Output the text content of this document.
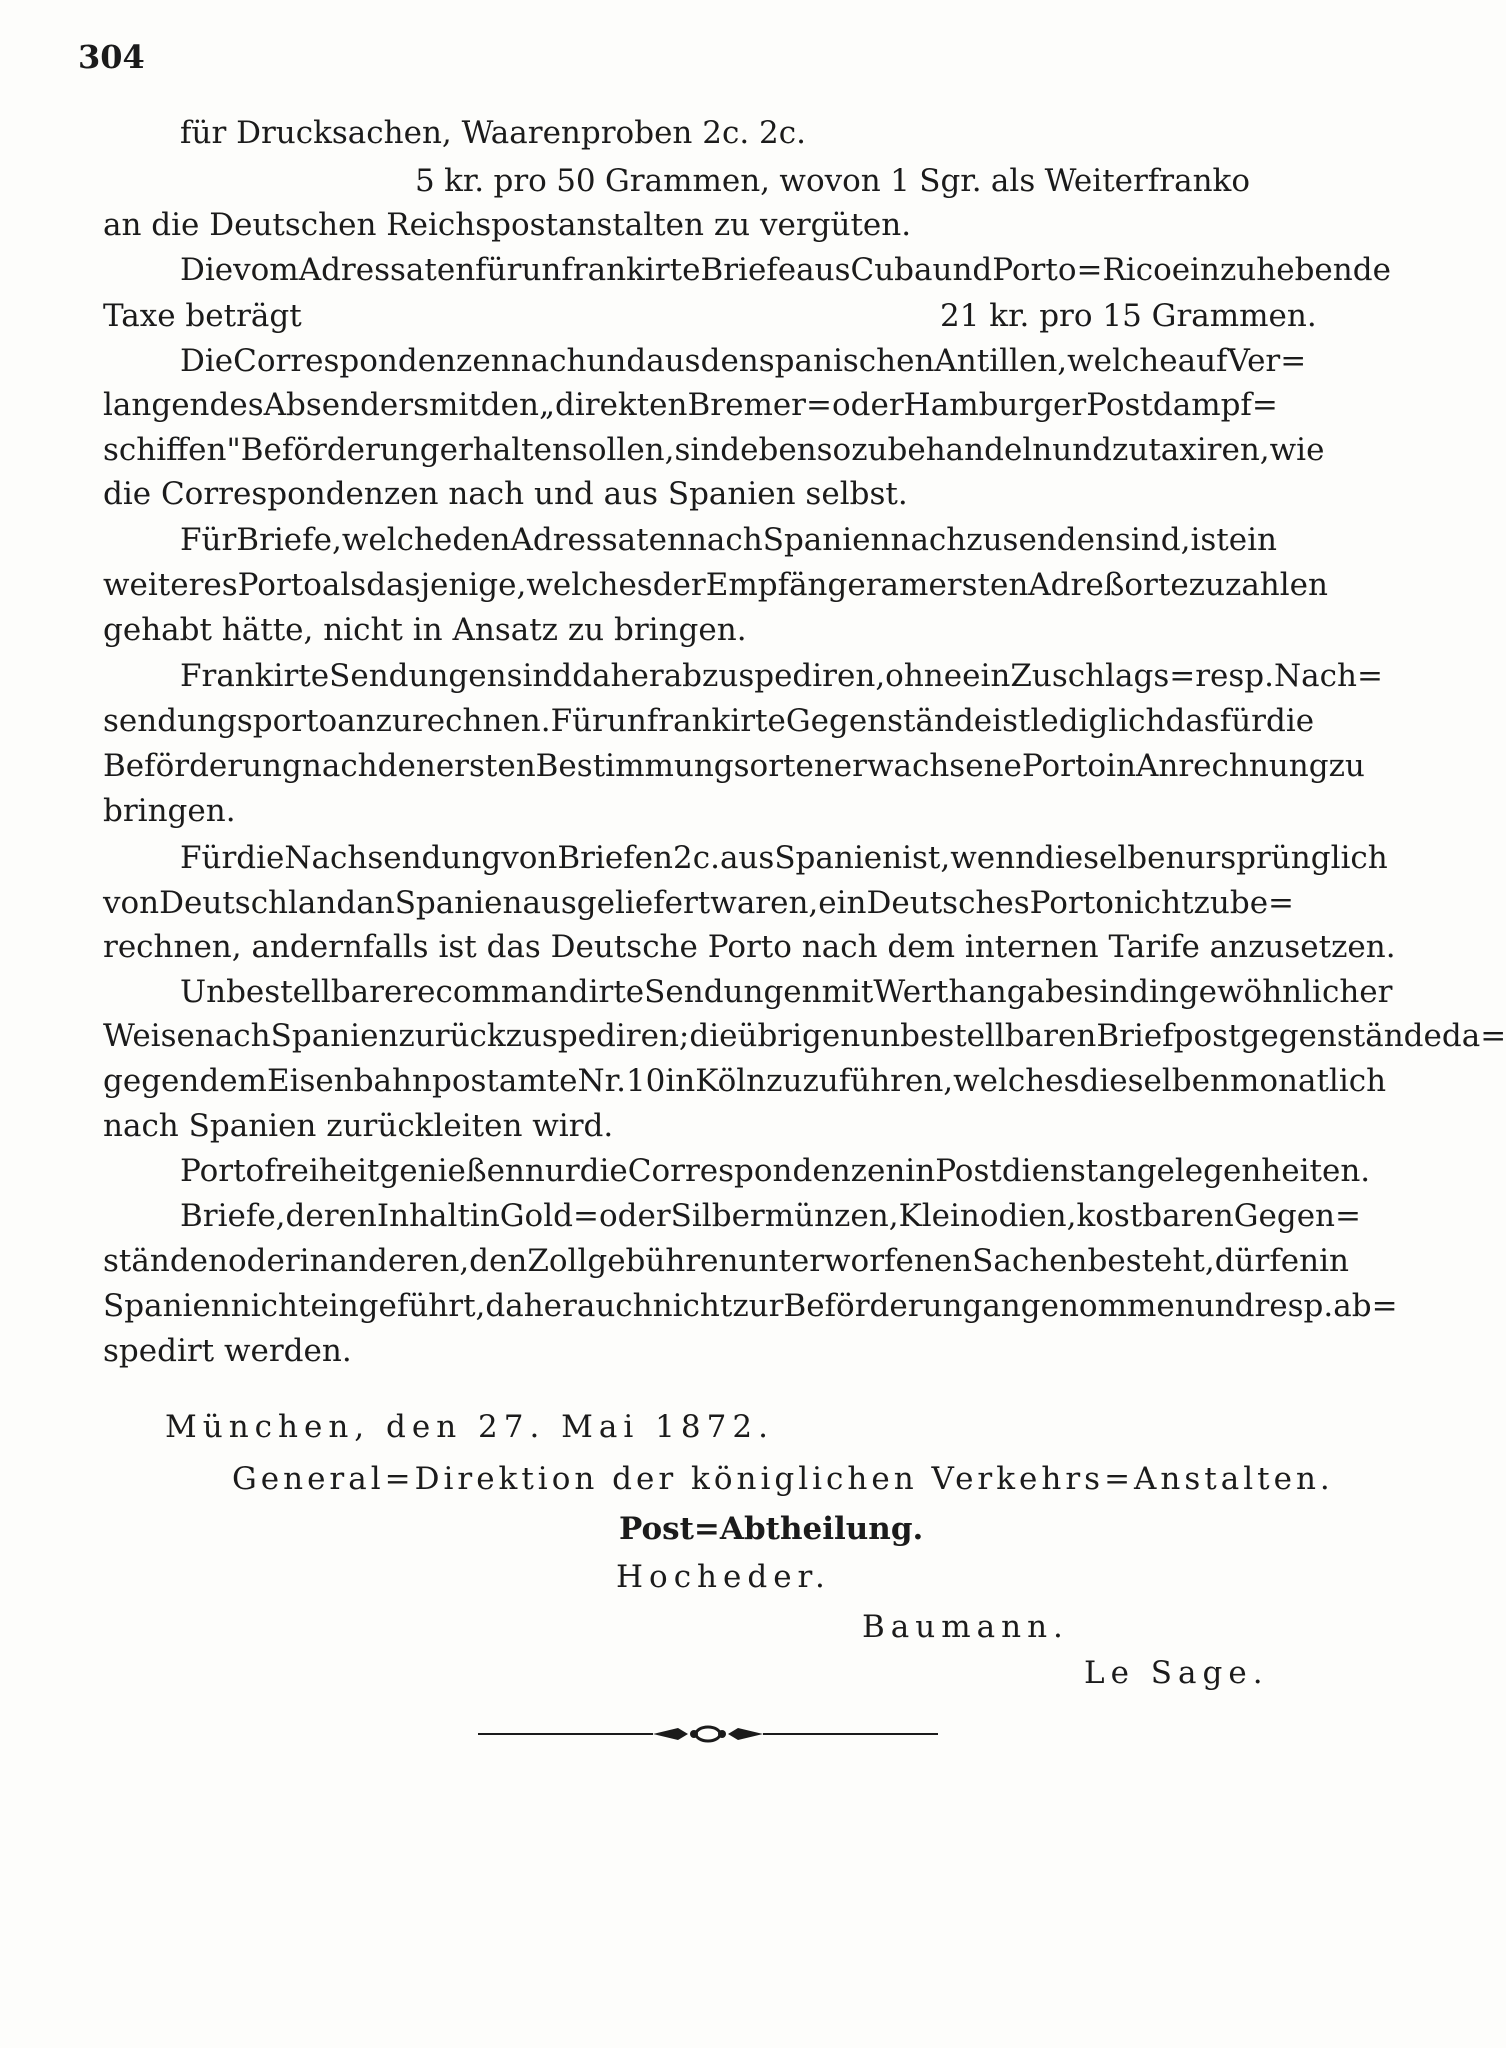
304
für Drucksachen, Waarenproben 2c. 2c.
5 kr. pro 50 Grammen, wovon 1 Sgr. als Weiterfranko
an die Deutschen Reichspostanstalten zu vergüten.
Die vom Adressaten für unfrankirte Briefe aus Cuba und Porto=Rico einzuhebende
Taxe beträgt	21 kr. pro 15 Grammen.
Die Correspondenzen nach und aus den spanischen Antillen, welche auf Ver=
langen des Absenders mit den „direkten Bremer= oder Hamburger Postdampf=
schiffen" Beförderung erhalten sollen, sind ebenso zu behandeln und zu taxiren, wie
die Correspondenzen nach und aus Spanien selbst.
Für Briefe, welche den Adressaten nach Spanien nachzusenden sind, ist ein
weiteres Porto als dasjenige, welches der Empfänger am ersten Adreßorte zu zahlen
gehabt hätte, nicht in Ansatz zu bringen.
Frankirte Sendungen sind daher abzuspediren, ohne ein Zuschlags= resp. Nach=
sendungsporto anzurechnen. Für unfrankirte Gegenstände ist lediglich das für die
Beförderung nach den ersten Bestimmungsorten erwachsene Porto in Anrechnung zu
bringen.
Für die Nachsendung von Briefen 2c. aus Spanien ist, wenn dieselben ursprünglich
von Deutschland an Spanien ausgeliefert waren, ein Deutsches Porto nicht zu be=
rechnen, andernfalls ist das Deutsche Porto nach dem internen Tarife anzusetzen.
Unbestellbare recommandirte Sendungen mit Werthangabe sind in gewöhnlicher
Weise nach Spanien zurückzuspediren; die übrigen unbestellbaren Briefpostgegenstände da=
gegen dem Eisenbahnpostamte Nr. 10 in Köln zuzuführen, welches dieselben monatlich
nach Spanien zurückleiten wird.
Portofreiheit genießen nur die Correspondenzen in Postdienstangelegenheiten.
Briefe, deren Inhalt in Gold= oder Silbermünzen, Kleinodien, kostbaren Gegen=
ständen oder in anderen, den Zollgebühren unterworfenen Sachen besteht, dürfen in
Spanien nicht eingeführt, daher auch nicht zur Beförderung angenommen und resp. ab=
spedirt werden.
München, den 27. Mai 1872.
General=Direktion der königlichen Verkehrs=Anstalten.
Post=Abtheilung.
Hocheder.
Baumann.
Le Sage.
